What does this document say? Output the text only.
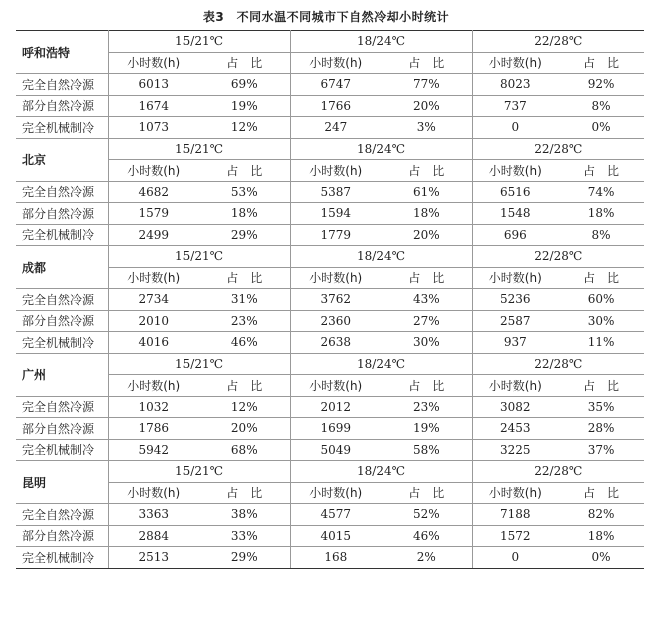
表3　不同水温不同城市下自然冷却小时统计
呼和浩特	15/21℃		18/24℃		22/28℃	
	小时数(h)	占　比	小时数(h)	占　比	小时数(h)	占　比
完全自然冷源	6013	69%	6747	77%	8023	92%
部分自然冷源	1674	19%	1766	20%	737	8%
完全机械制冷	1073	12%	247	3%	0	0%
北京	15/21℃		18/24℃		22/28℃	
	小时数(h)	占　比	小时数(h)	占　比	小时数(h)	占　比
完全自然冷源	4682	53%	5387	61%	6516	74%
部分自然冷源	1579	18%	1594	18%	1548	18%
完全机械制冷	2499	29%	1779	20%	696	8%
成都	15/21℃		18/24℃		22/28℃	
	小时数(h)	占　比	小时数(h)	占　比	小时数(h)	占　比
完全自然冷源	2734	31%	3762	43%	5236	60%
部分自然冷源	2010	23%	2360	27%	2587	30%
完全机械制冷	4016	46%	2638	30%	937	11%
广州	15/21℃		18/24℃		22/28℃	
	小时数(h)	占　比	小时数(h)	占　比	小时数(h)	占　比
完全自然冷源	1032	12%	2012	23%	3082	35%
部分自然冷源	1786	20%	1699	19%	2453	28%
完全机械制冷	5942	68%	5049	58%	3225	37%
昆明	15/21℃		18/24℃		22/28℃	
	小时数(h)	占　比	小时数(h)	占　比	小时数(h)	占　比
完全自然冷源	3363	38%	4577	52%	7188	82%
部分自然冷源	2884	33%	4015	46%	1572	18%
完全机械制冷	2513	29%	168	2%	0	0%
